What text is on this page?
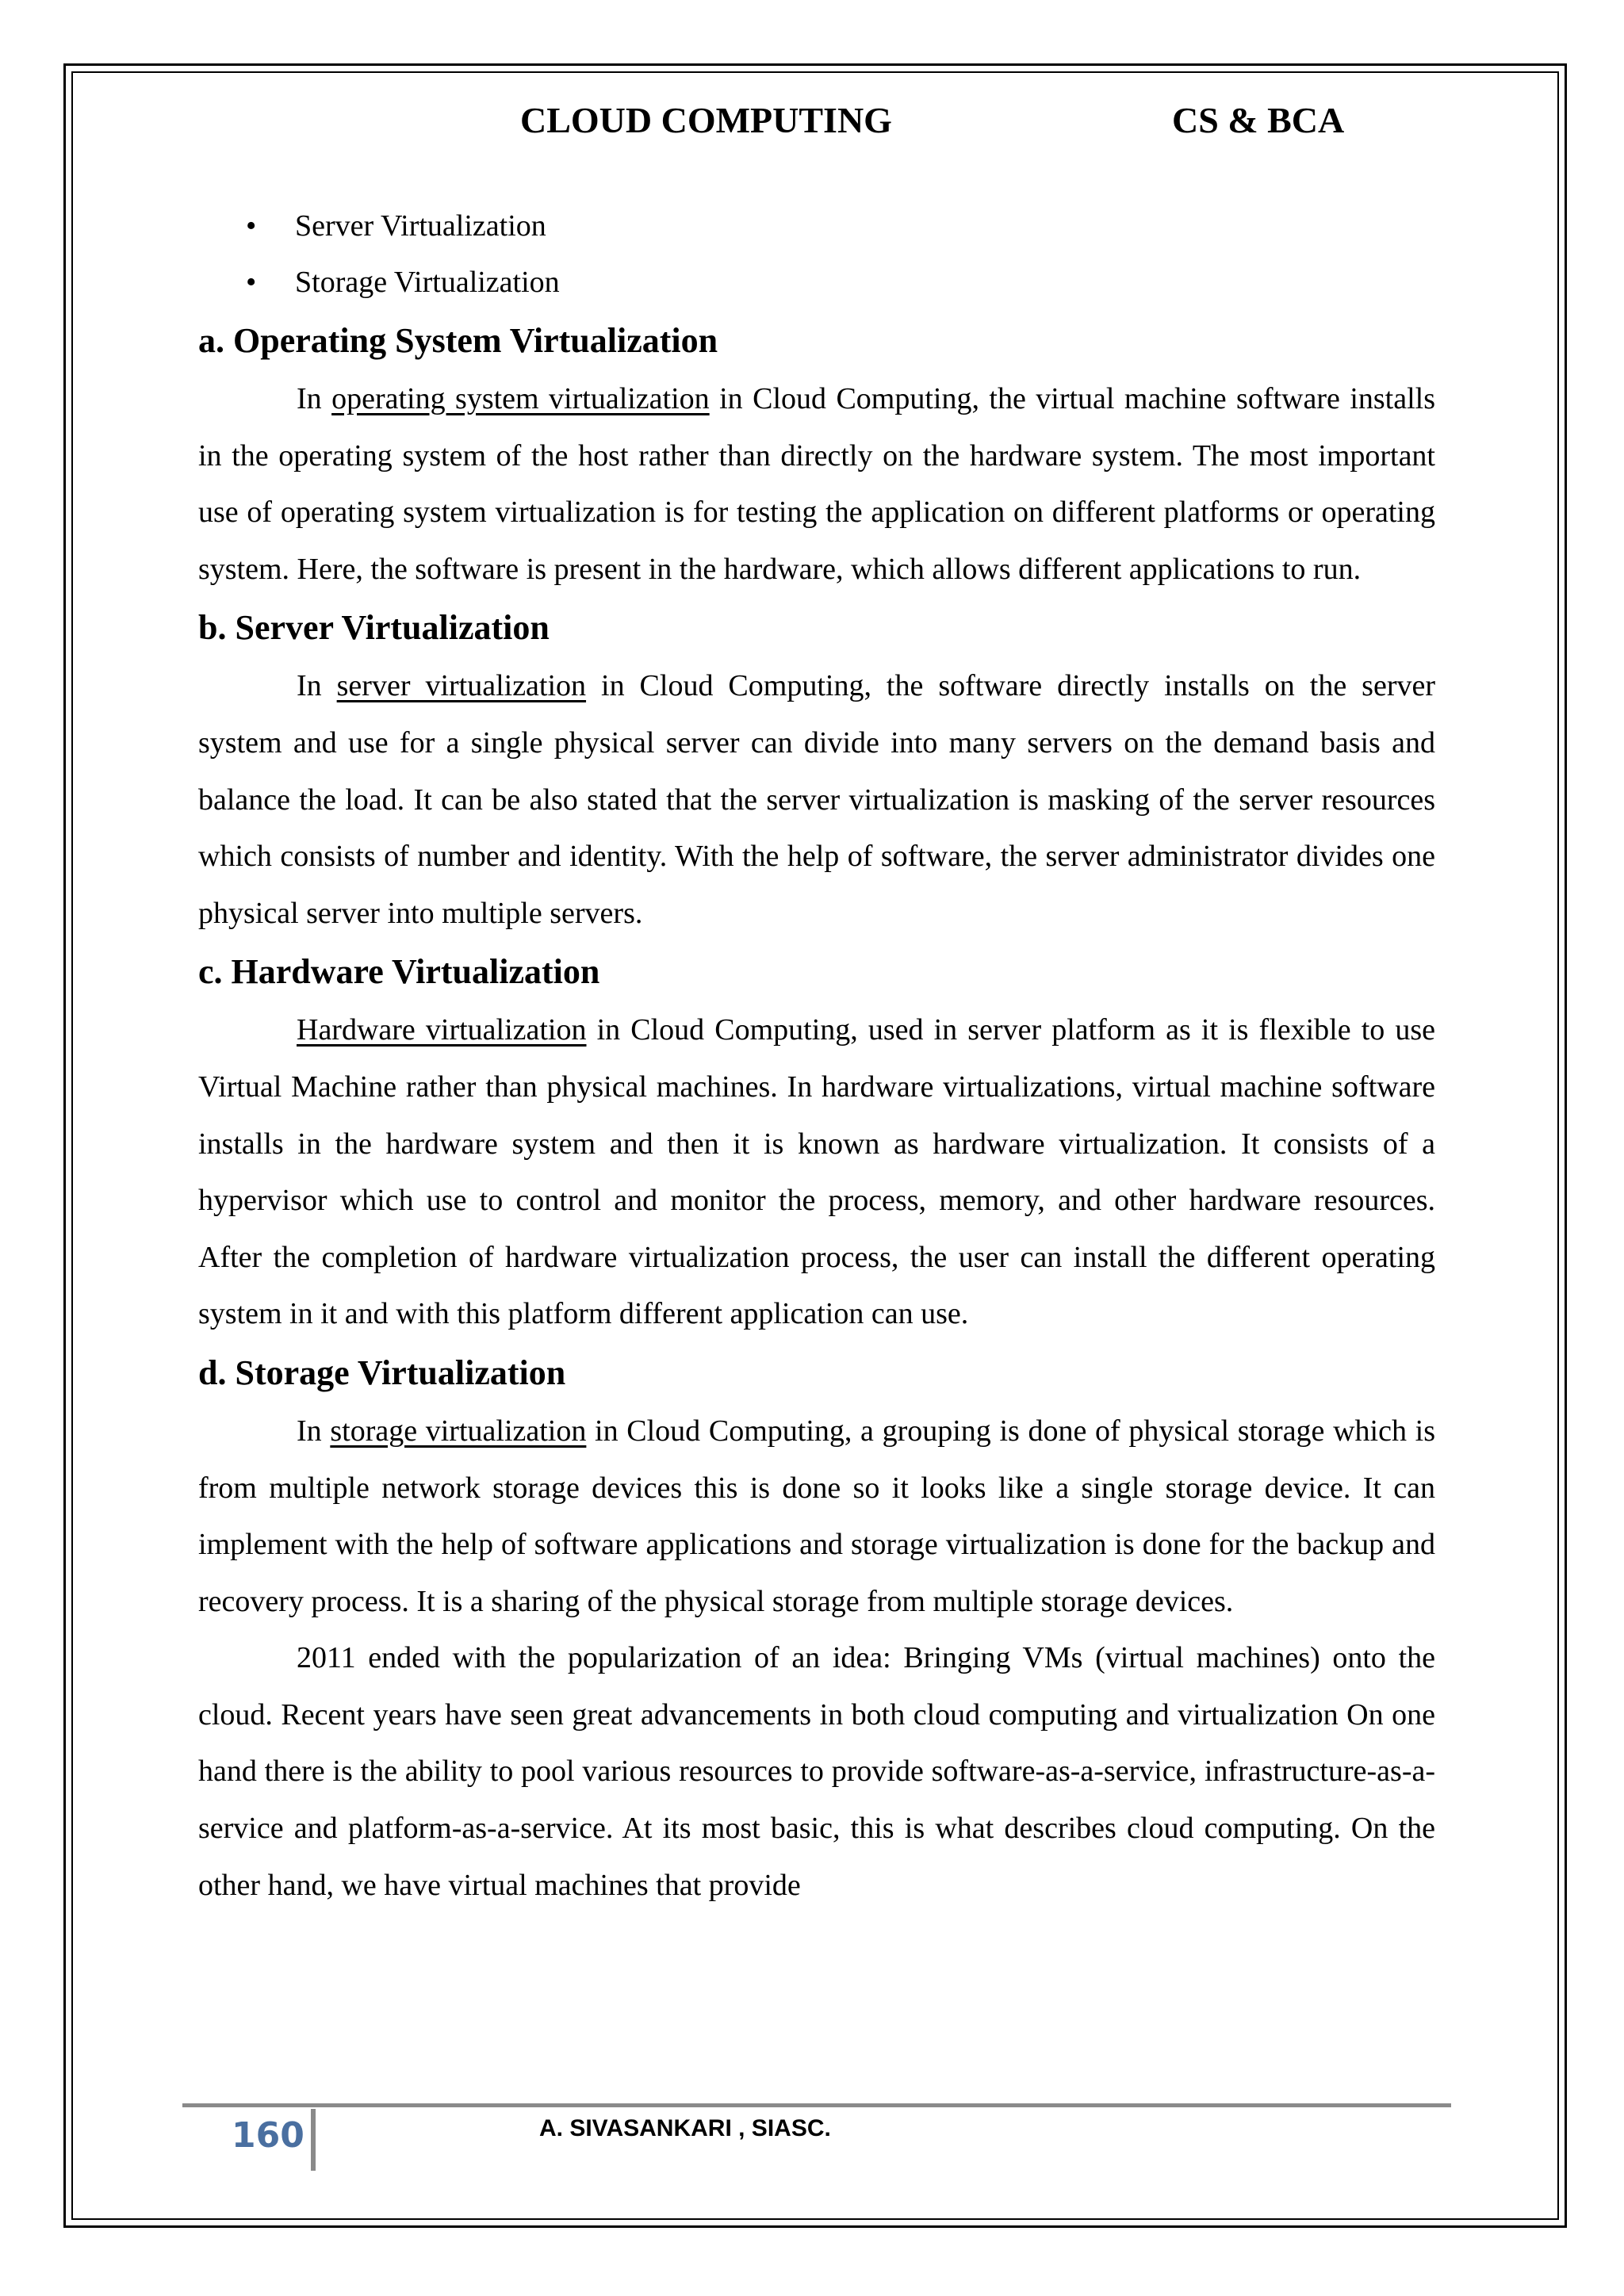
CLOUD COMPUTING	CS & BCA
• Server Virtualization
• Storage Virtualization
a. Operating System Virtualization

In operating system virtualization in Cloud Computing, the virtual machine software installs in the operating system of the host rather than directly on the hardware system. The most important use of operating system virtualization is for testing the application on different platforms or operating system. Here, the software is present in the hardware, which allows different applications to run.

b. Server Virtualization

In server virtualization in Cloud Computing, the software directly installs on the server system and use for a single physical server can divide into many servers on the demand basis and balance the load. It can be also stated that the server virtualization is masking of the server resources which consists of number and identity. With the help of software, the server administrator divides one physical server into multiple servers.

c. Hardware Virtualization

Hardware virtualization in Cloud Computing, used in server platform as it is flexible to use Virtual Machine rather than physical machines. In hardware virtualizations, virtual machine software installs in the hardware system and then it is known as hardware virtualization. It consists of a hypervisor which use to control and monitor the process, memory, and other hardware resources. After the completion of hardware virtualization process, the user can install the different operating system in it and with this platform different application can use.

d. Storage Virtualization

In storage virtualization in Cloud Computing, a grouping is done of physical storage which is from multiple network storage devices this is done so it looks like a single storage device. It can implement with the help of software applications and storage virtualization is done for the backup and recovery process. It is a sharing of the physical storage from multiple storage devices.

2011 ended with the popularization of an idea: Bringing VMs (virtual machines) onto the cloud. Recent years have seen great advancements in both cloud computing and virtualization On one hand there is the ability to pool various resources to provide software-as-a-service, infrastructure-as-a-service and platform-as-a-service. At its most basic, this is what describes cloud computing. On the other hand, we have virtual machines that provide

160	A. SIVASANKARI , SIASC.
